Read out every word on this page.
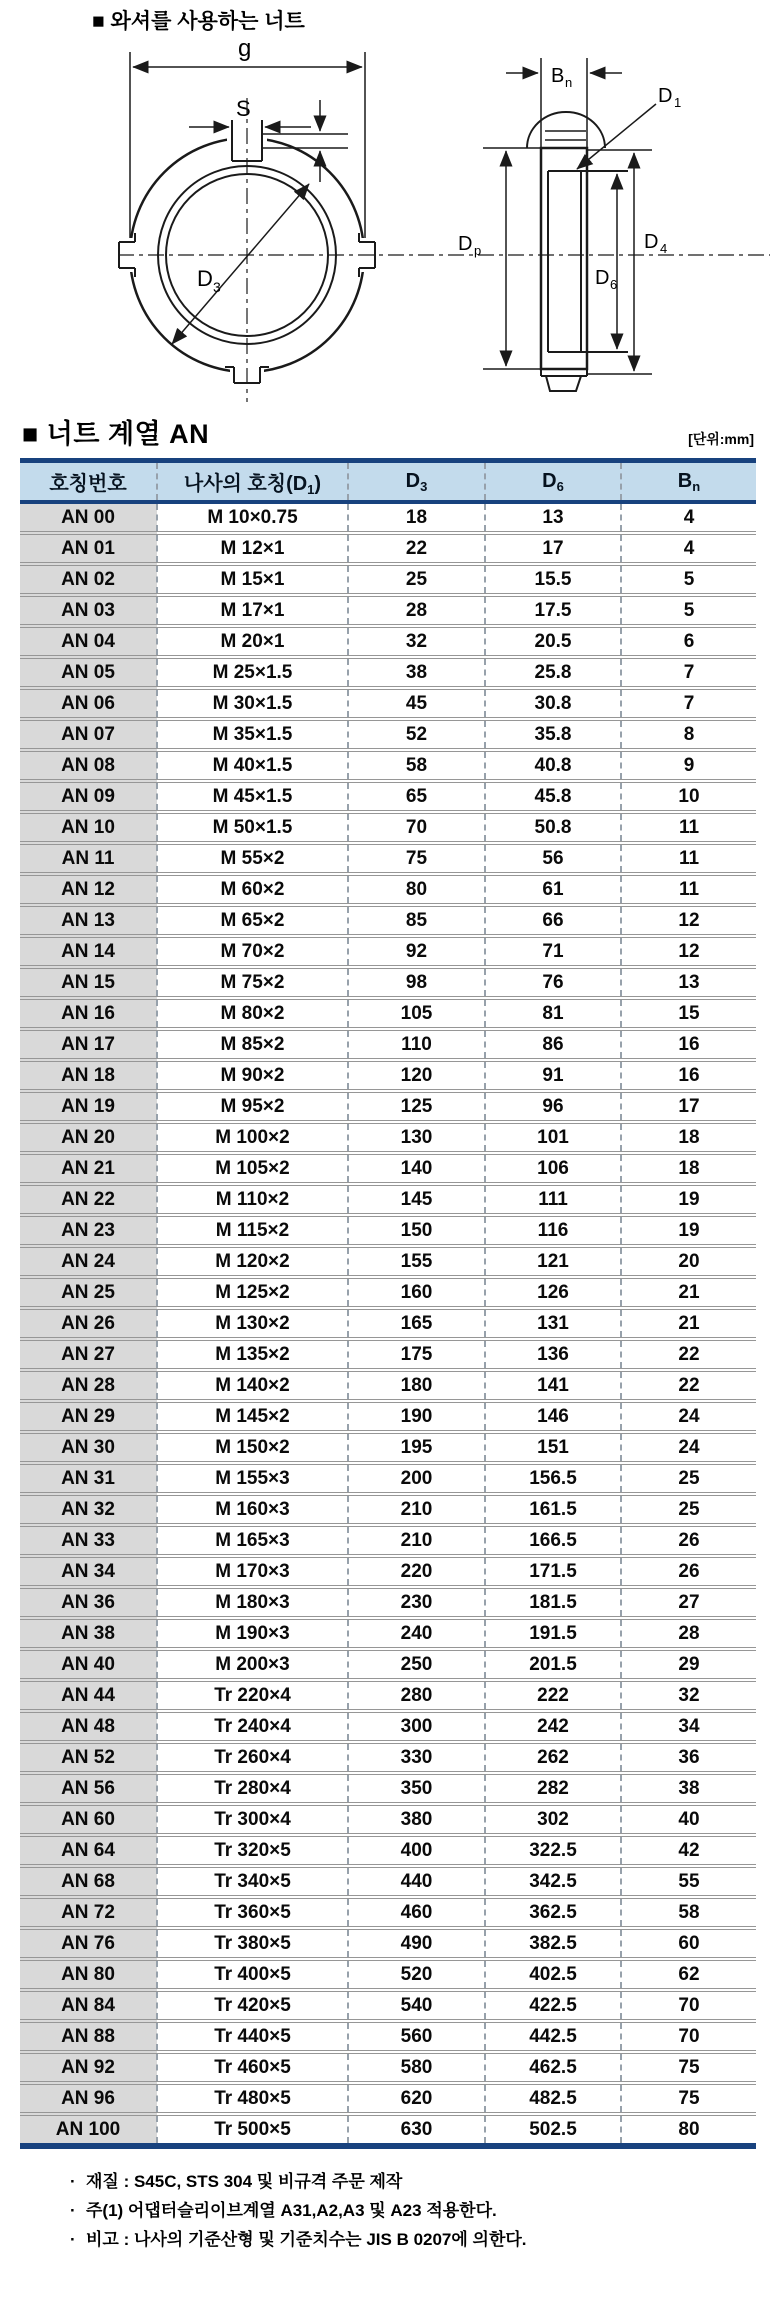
■ 와셔를 사용하는 너트
g
S
D 3
B n
D 1
D p	D 4
D 6
■ 너트 계열 AN	[단위:mm]
호칭번호	나사의 호칭$(D_1)$	$D_3$	$D_6$	$B_n$
AN 00	M 10×0.75	18	13	4
AN 01	M 12×1	22	17	4
AN 02	M 15×1	25	15.5	5
AN 03	M 17×1	28	17.5	5
AN 04	M 20×1	32	20.5	6
AN 05	M 25×1.5	38	25.8	7
AN 06	M 30×1.5	45	30.8	7
AN 07	M 35×1.5	52	35.8	8
AN 08	M 40×1.5	58	40.8	9
AN 09	M 45×1.5	65	45.8	10
AN 10	M 50×1.5	70	50.8	11
AN 11	M 55×2	75	56	11
AN 12	M 60×2	80	61	11
AN 13	M 65×2	85	66	12
AN 14	M 70×2	92	71	12
AN 15	M 75×2	98	76	13
AN 16	M 80×2	105	81	15
AN 17	M 85×2	110	86	16
AN 18	M 90×2	120	91	16
AN 19	M 95×2	125	96	17
AN 20	M 100×2	130	101	18
AN 21	M 105×2	140	106	18
AN 22	M 110×2	145	111	19
AN 23	M 115×2	150	116	19
AN 24	M 120×2	155	121	20
AN 25	M 125×2	160	126	21
AN 26	M 130×2	165	131	21
AN 27	M 135×2	175	136	22
AN 28	M 140×2	180	141	22
AN 29	M 145×2	190	146	24
AN 30	M 150×2	195	151	24
AN 31	M 155×3	200	156.5	25
AN 32	M 160×3	210	161.5	25
AN 33	M 165×3	210	166.5	26
AN 34	M 170×3	220	171.5	26
AN 36	M 180×3	230	181.5	27
AN 38	M 190×3	240	191.5	28
AN 40	M 200×3	250	201.5	29
AN 44	Tr 220×4	280	222	32
AN 48	Tr 240×4	300	242	34
AN 52	Tr 260×4	330	262	36
AN 56	Tr 280×4	350	282	38
AN 60	Tr 300×4	380	302	40
AN 64	Tr 320×5	400	322.5	42
AN 68	Tr 340×5	440	342.5	55
AN 72	Tr 360×5	460	362.5	58
AN 76	Tr 380×5	490	382.5	60
AN 80	Tr 400×5	520	402.5	62
AN 84	Tr 420×5	540	422.5	70
AN 88	Tr 440×5	560	442.5	70
AN 92	Tr 460×5	580	462.5	75
AN 96	Tr 480×5	620	482.5	75
AN 100	Tr 500×5	630	502.5	80
· 재질 : S45C, STS 304 및 비규격 주문 제작
· 주(1) 어댑터슬리이브계열 A31,A2,A3 및 A23 적용한다.
· 비고 : 나사의 기준산형 및 기준치수는 JIS B 0207에 의한다.
